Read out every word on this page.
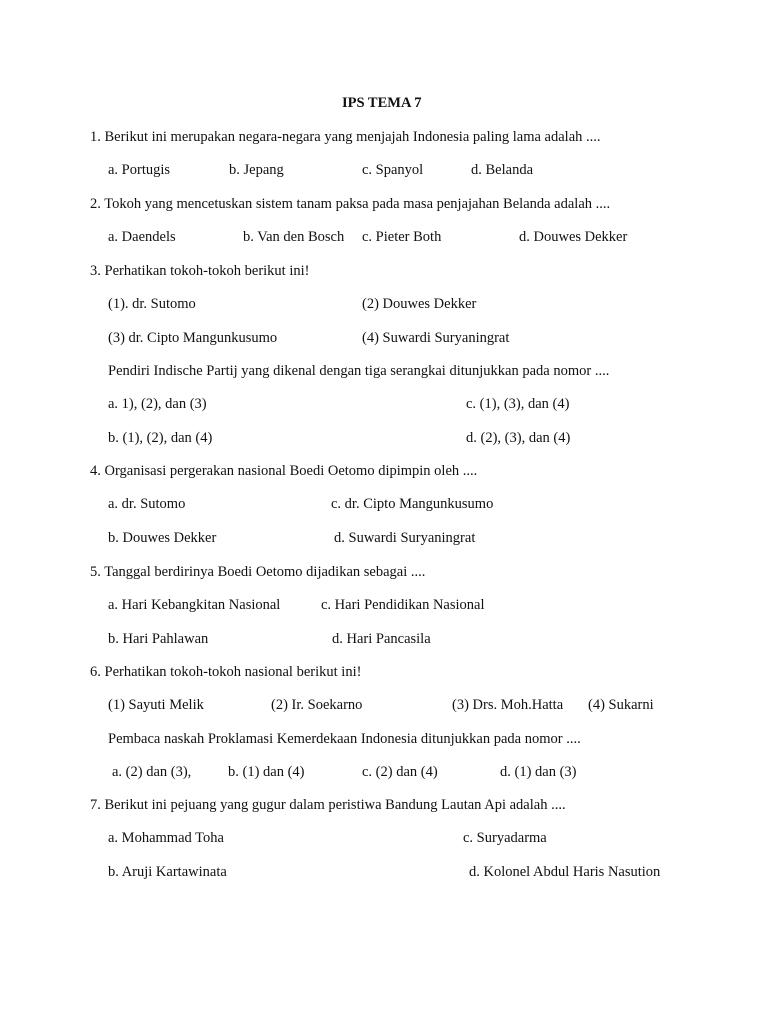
IPS TEMA 7
1. Berikut ini merupakan negara-negara yang menjajah Indonesia paling lama adalah ....
a. Portugis	b. Jepang	c. Spanyol	d. Belanda
2. Tokoh yang mencetuskan sistem tanam paksa pada masa penjajahan Belanda adalah ....
a. Daendels	b. Van den Bosch c. Pieter Both	d. Douwes Dekker
3. Perhatikan tokoh-tokoh berikut ini!
(1). dr. Sutomo	(2) Douwes Dekker
(3) dr. Cipto Mangunkusumo	(4) Suwardi Suryaningrat
Pendiri Indische Partij yang dikenal dengan tiga serangkai ditunjukkan pada nomor ....
a. 1), (2), dan (3)	c. (1), (3), dan (4)
b. (1), (2), dan (4)	d. (2), (3), dan (4)
4. Organisasi pergerakan nasional Boedi Oetomo dipimpin oleh ....
a. dr. Sutomo	c. dr. Cipto Mangunkusumo
b. Douwes Dekker	d. Suwardi Suryaningrat
5. Tanggal berdirinya Boedi Oetomo dijadikan sebagai ....
a. Hari Kebangkitan Nasional	c. Hari Pendidikan Nasional
b. Hari Pahlawan	d. Hari Pancasila
6. Perhatikan tokoh-tokoh nasional berikut ini!
(1) Sayuti Melik	(2) Ir. Soekarno	(3) Drs. Moh.Hatta (4) Sukarni
Pembaca naskah Proklamasi Kemerdekaan Indonesia ditunjukkan pada nomor ....
a. (2) dan (3),	b. (1) dan (4)	c. (2) dan (4)	d. (1) dan (3)
7. Berikut ini pejuang yang gugur dalam peristiwa Bandung Lautan Api adalah ....
a. Mohammad Toha	c. Suryadarma
b. Aruji Kartawinata	d. Kolonel Abdul Haris Nasution
